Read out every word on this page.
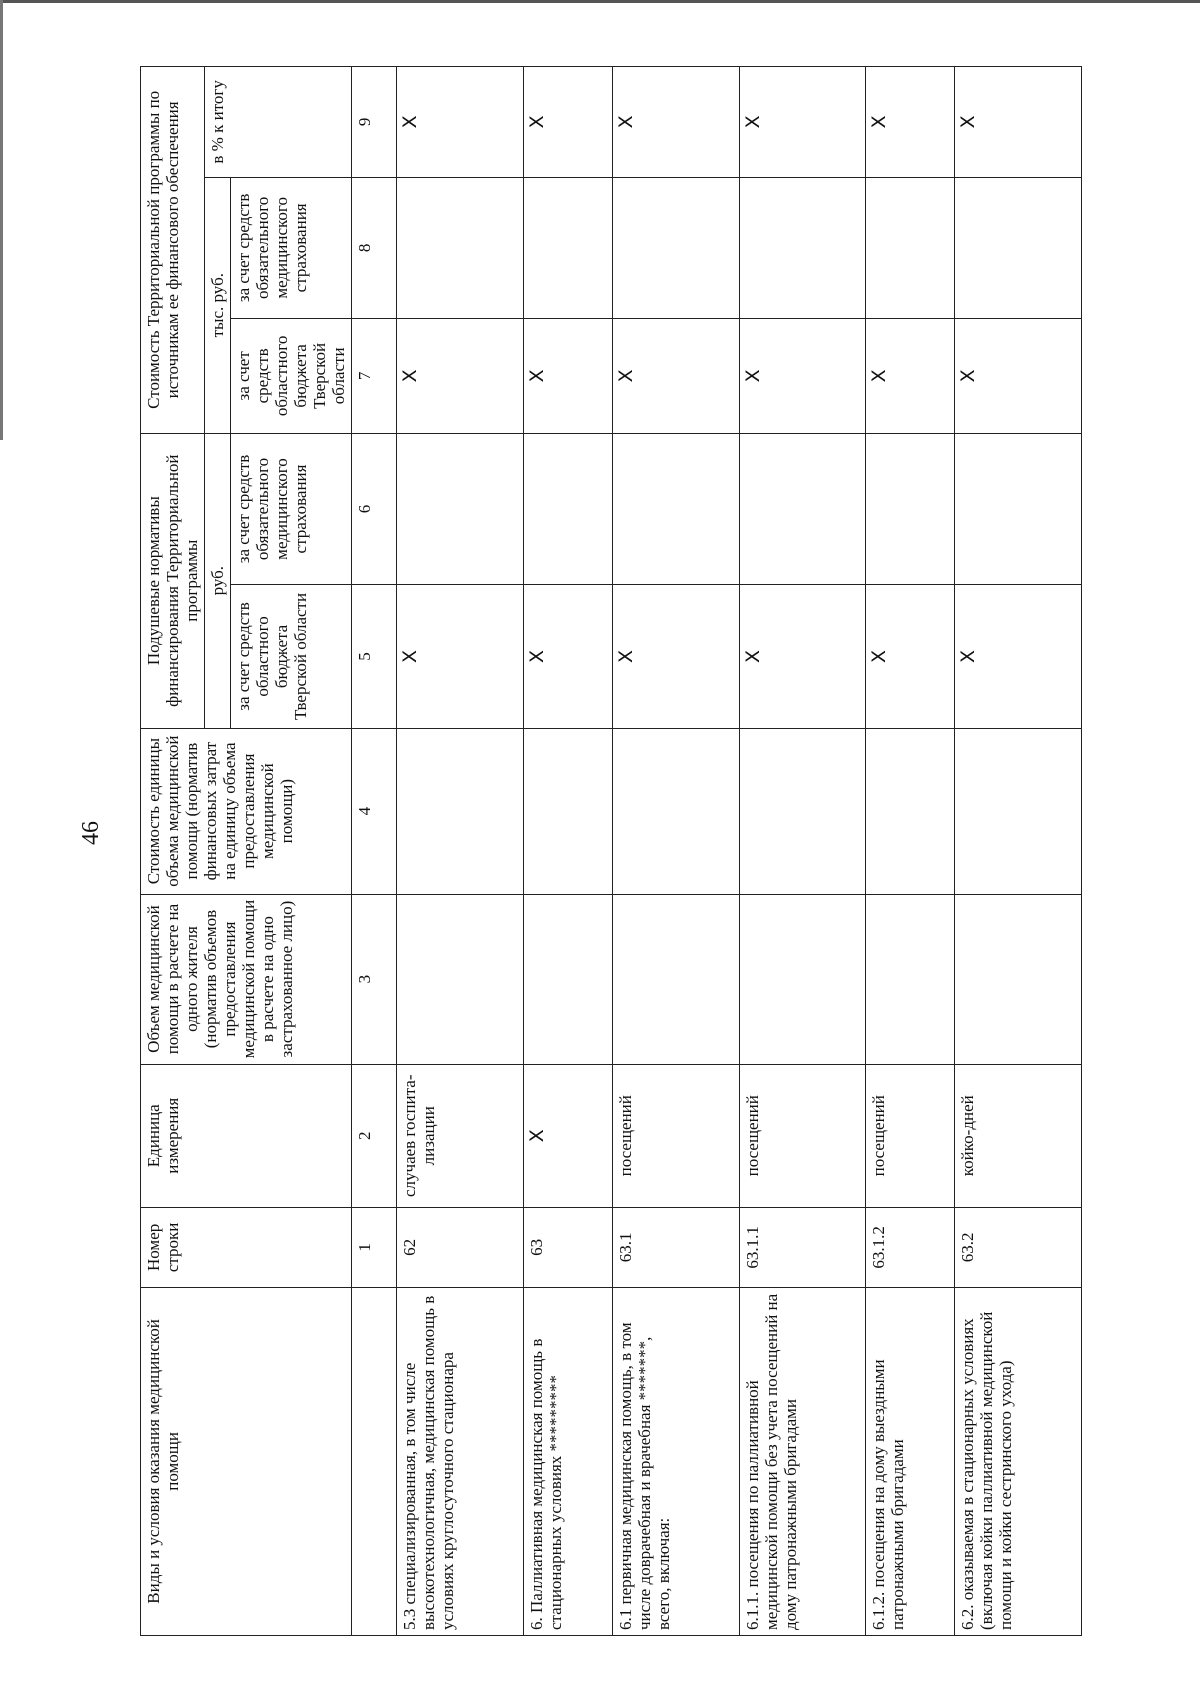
46
Виды и условия оказания медицинской помощи	Номер строки	Единица измерения	Объем медицинской помощи в расчете на одного жителя (норматив объемов предоставления медицинской помощи в расчете на одно застрахованное лицо)	Стоимость единицы объема медицинской помощи (норматив финансовых затрат на единицу объема предоставления медицинской помощи)	Подушевые нормативы финансирования Территориальной программы		Стоимость Территориальной программы по источникам ее финансового обеспечения		
					руб.		тыс. руб.		в % к итогу
					за счет средств областного бюджета Тверской области	за счет средств обязательного медицинского страхования	за счет средств областного бюджета Тверской области	за счет средств обязательного медицинского страхования	
	1	2	3	4	5	6	7	8	9
5.3 специализированная, в том числе высокотехнологичная, медицинская помощь в условиях круглосуточного стационара	62	случаев госпита-лизации			X		X		X
6. Паллиативная медицинская помощь в стационарных условиях *********	63	X			X		X		X
6.1 первичная медицинская помощь, в том числе доврачебная и врачебная *******, всего, включая:	63.1	посещений			X		X		X
6.1.1. посещения по паллиативной медицинской помощи без учета посещений на дому патронажными бригадами	63.1.1	посещений			X		X		X
6.1.2. посещения на дому выездными патронажными бригадами	63.1.2	посещений			X		X		X
6.2. оказываемая в стационарных условиях (включая койки паллиативной медицинской помощи и койки сестринского ухода)	63.2	койко-дней			X		X		X
